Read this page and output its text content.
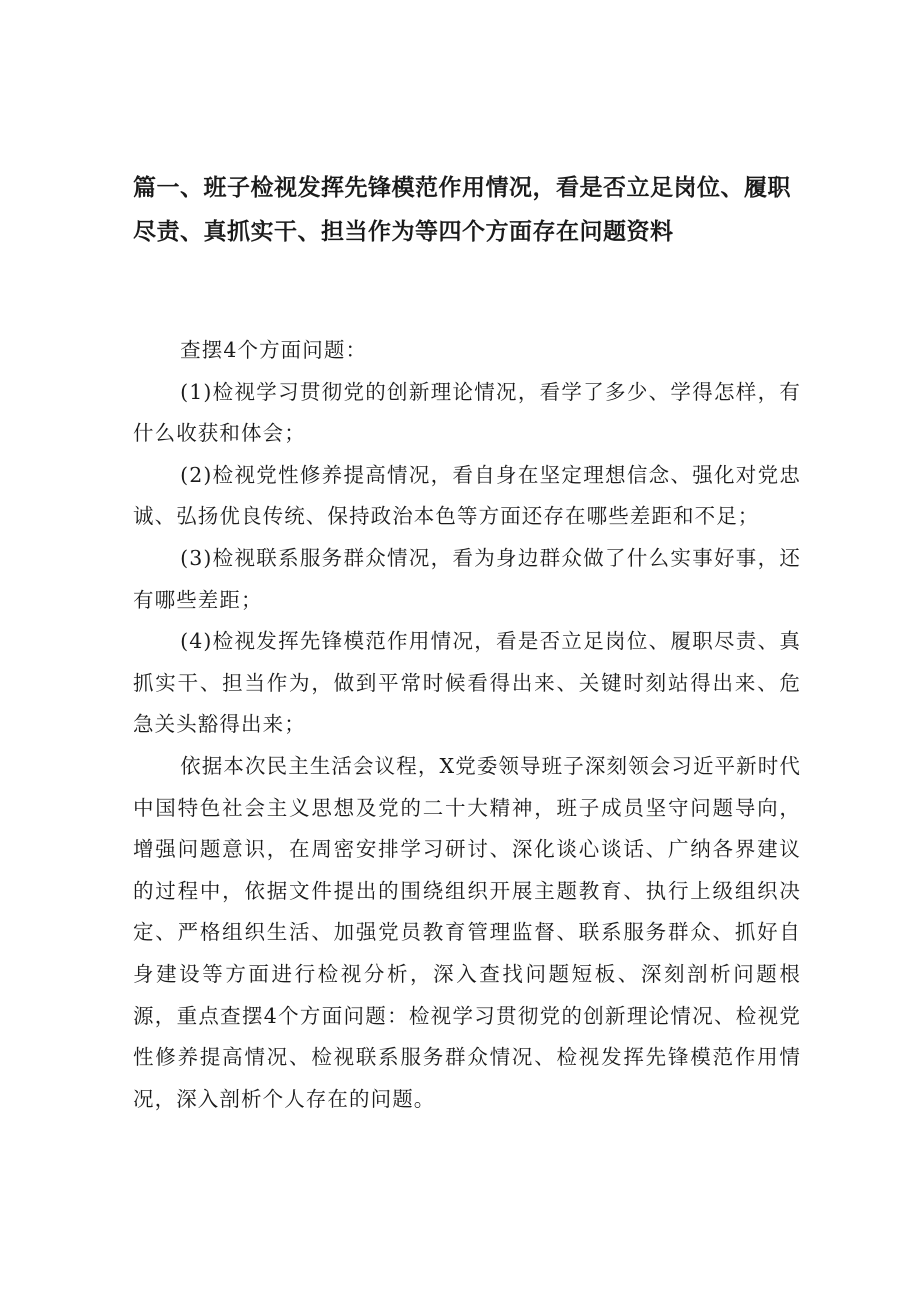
篇一、班子检视发挥先锋模范作用情况，看是否立足岗位、履职尽责、真抓实干、担当作为等四个方面存在问题资料

查摆4个方面问题：

(1)检视学习贯彻党的创新理论情况，看学了多少、学得怎样，有什么收获和体会；

(2)检视党性修养提高情况，看自身在坚定理想信念、强化对党忠诚、弘扬优良传统、保持政治本色等方面还存在哪些差距和不足；

(3)检视联系服务群众情况，看为身边群众做了什么实事好事，还有哪些差距；

(4)检视发挥先锋模范作用情况，看是否立足岗位、履职尽责、真抓实干、担当作为，做到平常时候看得出来、关键时刻站得出来、危急关头豁得出来；

依据本次民主生活会议程，X党委领导班子深刻领会习近平新时代中国特色社会主义思想及党的二十大精神，班子成员坚守问题导向，增强问题意识，在周密安排学习研讨、深化谈心谈话、广纳各界建议的过程中，依据文件提出的围绕组织开展主题教育、执行上级组织决定、严格组织生活、加强党员教育管理监督、联系服务群众、抓好自身建设等方面进行检视分析，深入查找问题短板、深刻剖析问题根源，重点查摆4个方面问题：检视学习贯彻党的创新理论情况、检视党性修养提高情况、检视联系服务群众情况、检视发挥先锋模范作用情况，深入剖析个人存在的问题。
